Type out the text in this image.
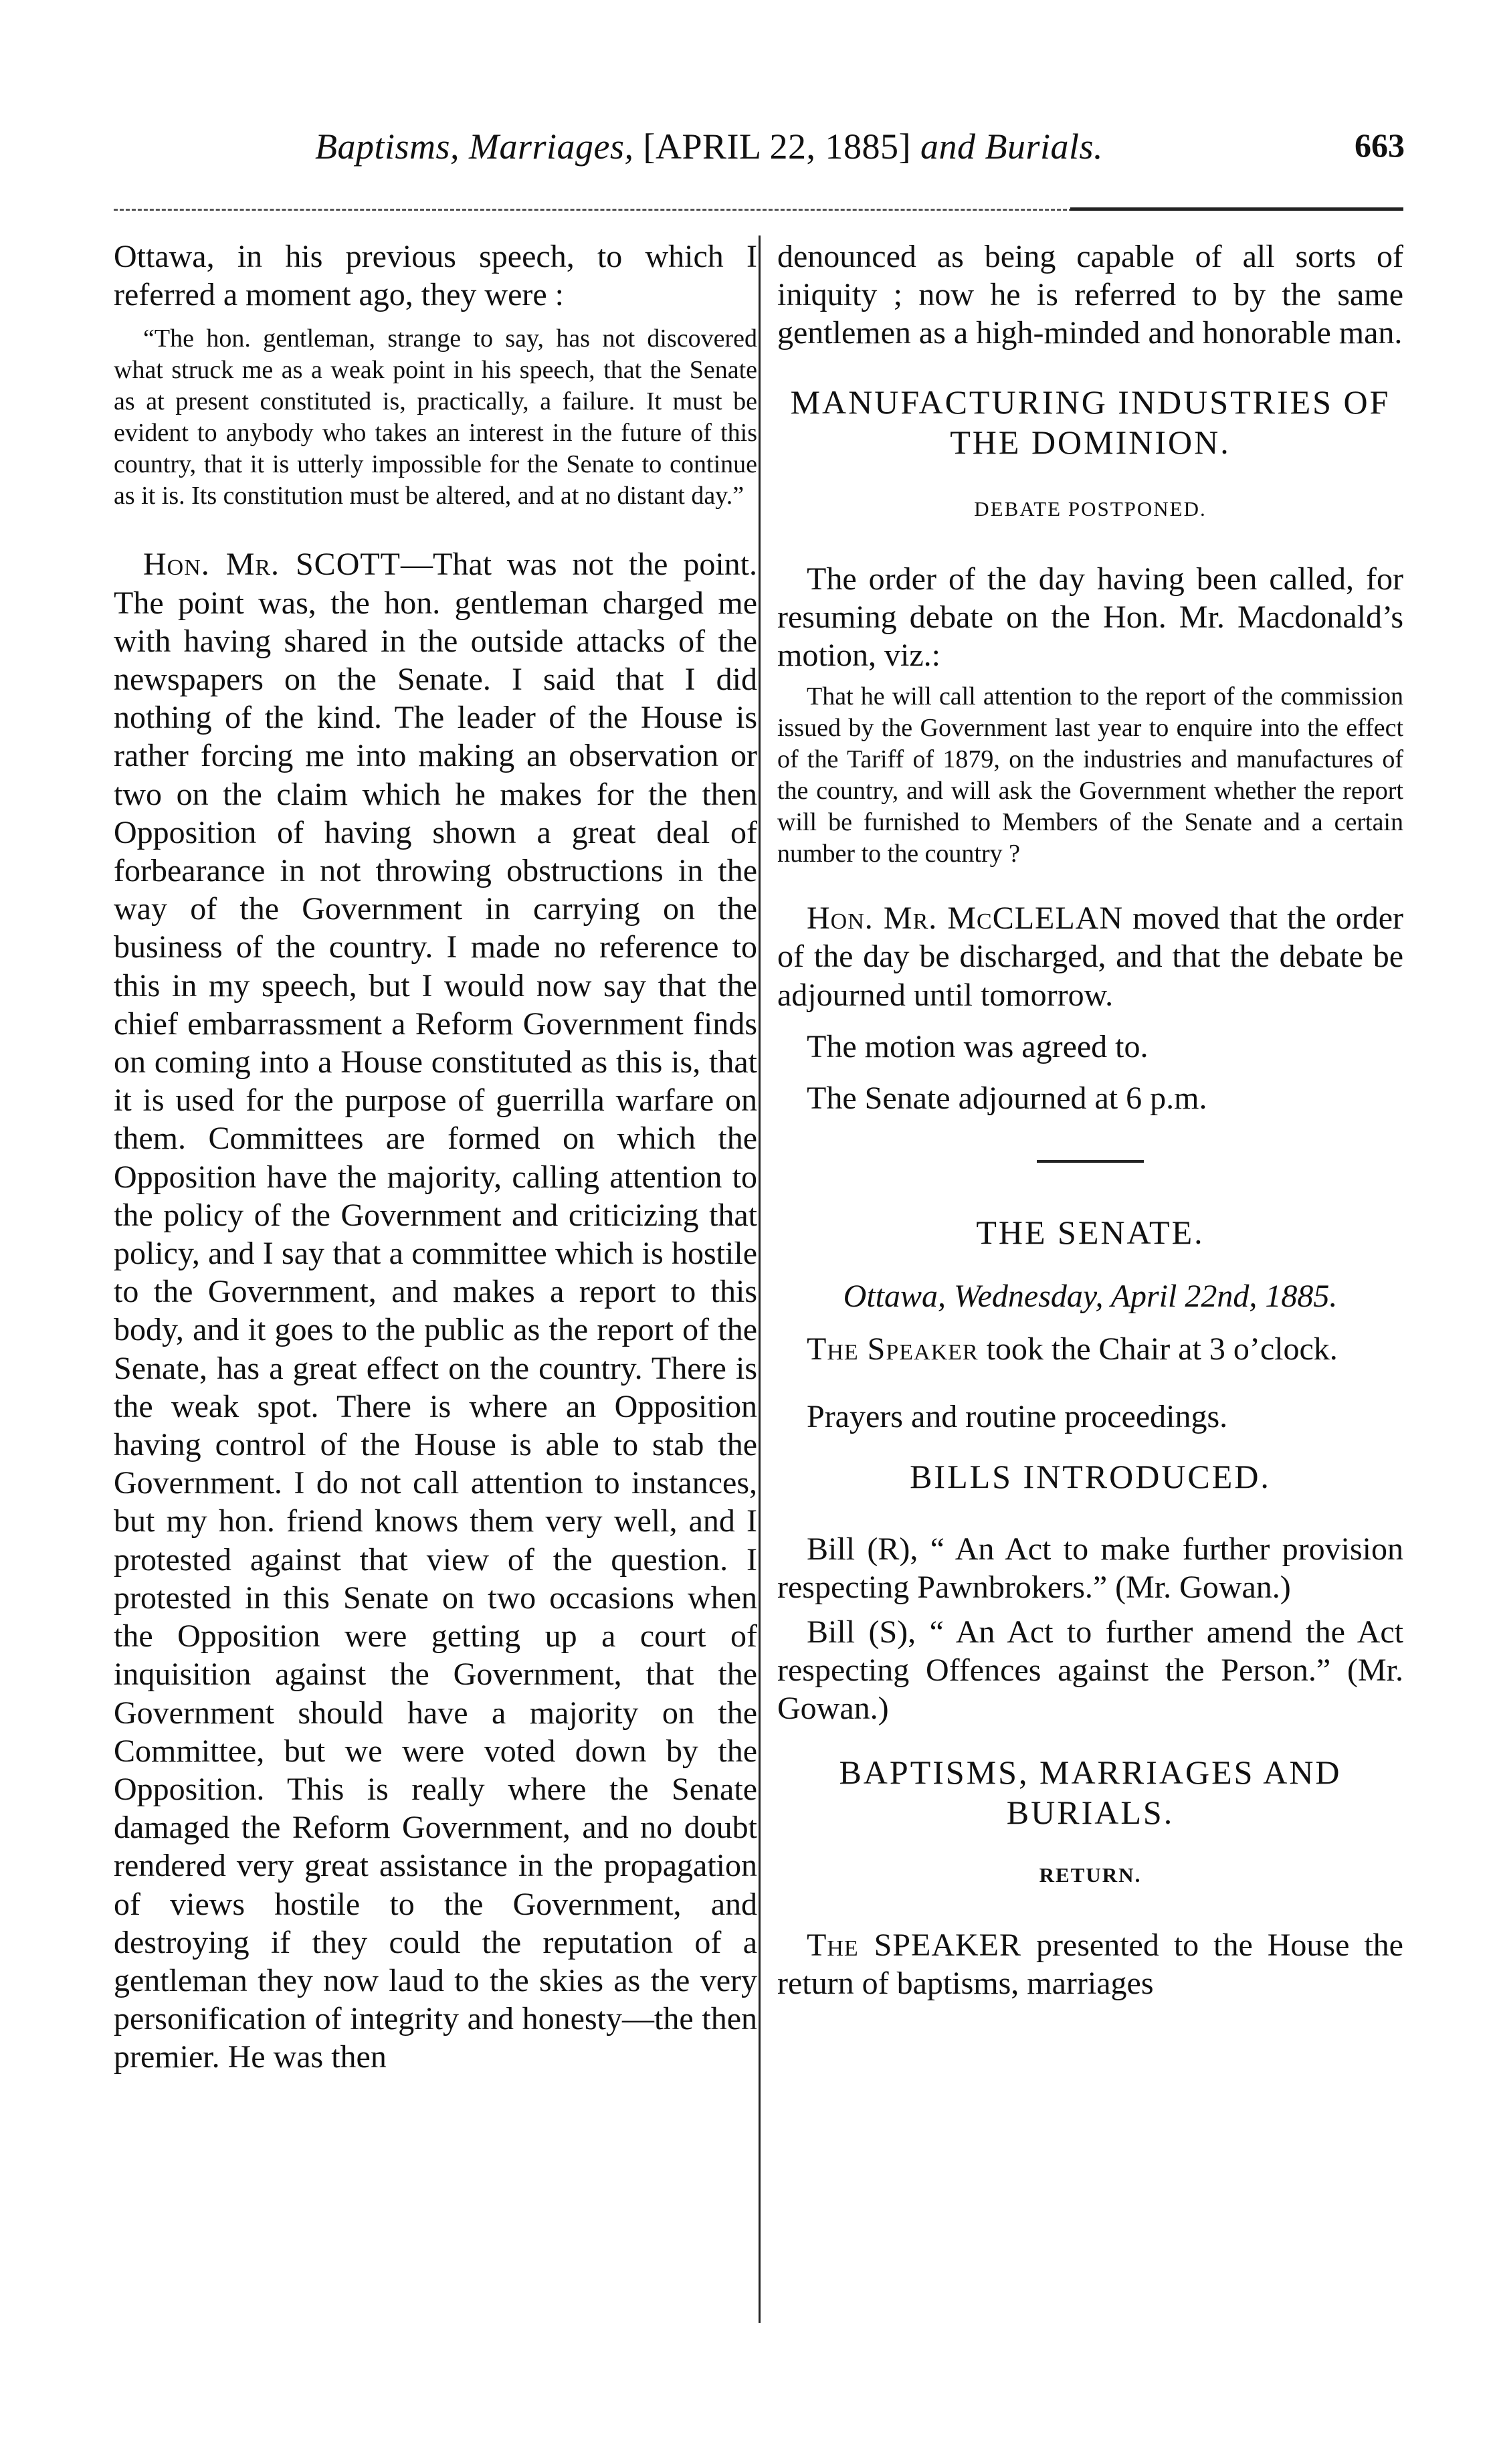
Baptisms, Marriages, [APRIL 22, 1885] and Burials.	663

Ottawa, in his previous speech, to which I referred a moment ago, they were :

“The hon. gentleman, strange to say, has not discovered what struck me as a weak point in his speech, that the Senate as at present constituted is, practically, a failure. It must be evident to anybody who takes an interest in the future of this country, that it is utterly impossible for the Senate to continue as it is. Its constitution must be altered, and at no distant day.”

Hon. Mr. SCOTT—That was not the point. The point was, the hon. gentleman charged me with having shared in the outside attacks of the newspapers on the Senate. I said that I did nothing of the kind. The leader of the House is rather forcing me into making an observation or two on the claim which he makes for the then Opposition of having shown a great deal of forbearance in not throwing obstructions in the way of the Government in carrying on the business of the country. I made no reference to this in my speech, but I would now say that the chief embarrassment a Reform Government finds on coming into a House constituted as this is, that it is used for the purpose of guerrilla warfare on them. Committees are formed on which the Opposition have the majority, calling attention to the policy of the Government and criticizing that policy, and I say that a committee which is hostile to the Government, and makes a report to this body, and it goes to the public as the report of the Senate, has a great effect on the country. There is the weak spot. There is where an Opposition having control of the House is able to stab the Government. I do not call attention to instances, but my hon. friend knows them very well, and I protested against that view of the question. I protested in this Senate on two occasions when the Opposition were getting up a court of inquisition against the Government, that the Government should have a majority on the Committee, but we were voted down by the Opposition. This is really where the Senate damaged the Reform Government, and no doubt rendered very great assistance in the propagation of views hostile to the Government, and destroying if they could the reputation of a gentleman they now laud to the skies as the very personification of integrity and honesty—the then premier. He was then

denounced as being capable of all sorts of iniquity ; now he is referred to by the same gentlemen as a high-minded and honorable man.

MANUFACTURING INDUSTRIES OF THE DOMINION.

DEBATE POSTPONED.

The order of the day having been called, for resuming debate on the Hon. Mr. Macdonald’s motion, viz.:

That he will call attention to the report of the commission issued by the Government last year to enquire into the effect of the Tariff of 1879, on the industries and manufactures of the country, and will ask the Government whether the report will be furnished to Members of the Senate and a certain number to the country ?

Hon. Mr. McCLELAN moved that the order of the day be discharged, and that the debate be adjourned until tomorrow.

The motion was agreed to.

The Senate adjourned at 6 p.m.

THE SENATE.

Ottawa, Wednesday, April 22nd, 1885.

The Speaker took the Chair at 3 o’clock.

Prayers and routine proceedings.

BILLS INTRODUCED.

Bill (R), “ An Act to make further provision respecting Pawnbrokers.” (Mr. Gowan.)

Bill (S), “ An Act to further amend the Act respecting Offences against the Person.” (Mr. Gowan.)

BAPTISMS, MARRIAGES AND BURIALS.

RETURN.

The SPEAKER presented to the House the return of baptisms, marriages
